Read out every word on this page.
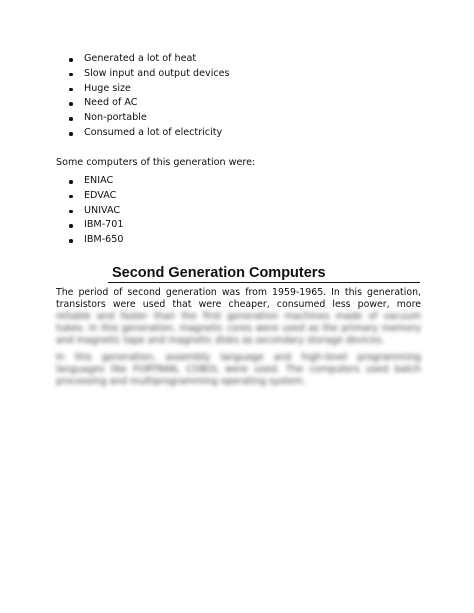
Generated a lot of heat
Slow input and output devices
Huge size
Need of AC
Non-portable
Consumed a lot of electricity
Some computers of this generation were:
ENIAC
EDVAC
UNIVAC
IBM-701
IBM-650
Second Generation Computers

The period of second generation was from 1959-1965. In this generation, transistors were used that were cheaper, consumed less power, more

reliable and faster than the first generation machines made of vacuum tubes. In this generation, magnetic cores were used as the primary memory and magnetic tape and magnetic disks as secondary storage devices.

In this generation, assembly language and high-level programming languages like FORTRAN, COBOL were used. The computers used batch processing and multiprogramming operating system.
